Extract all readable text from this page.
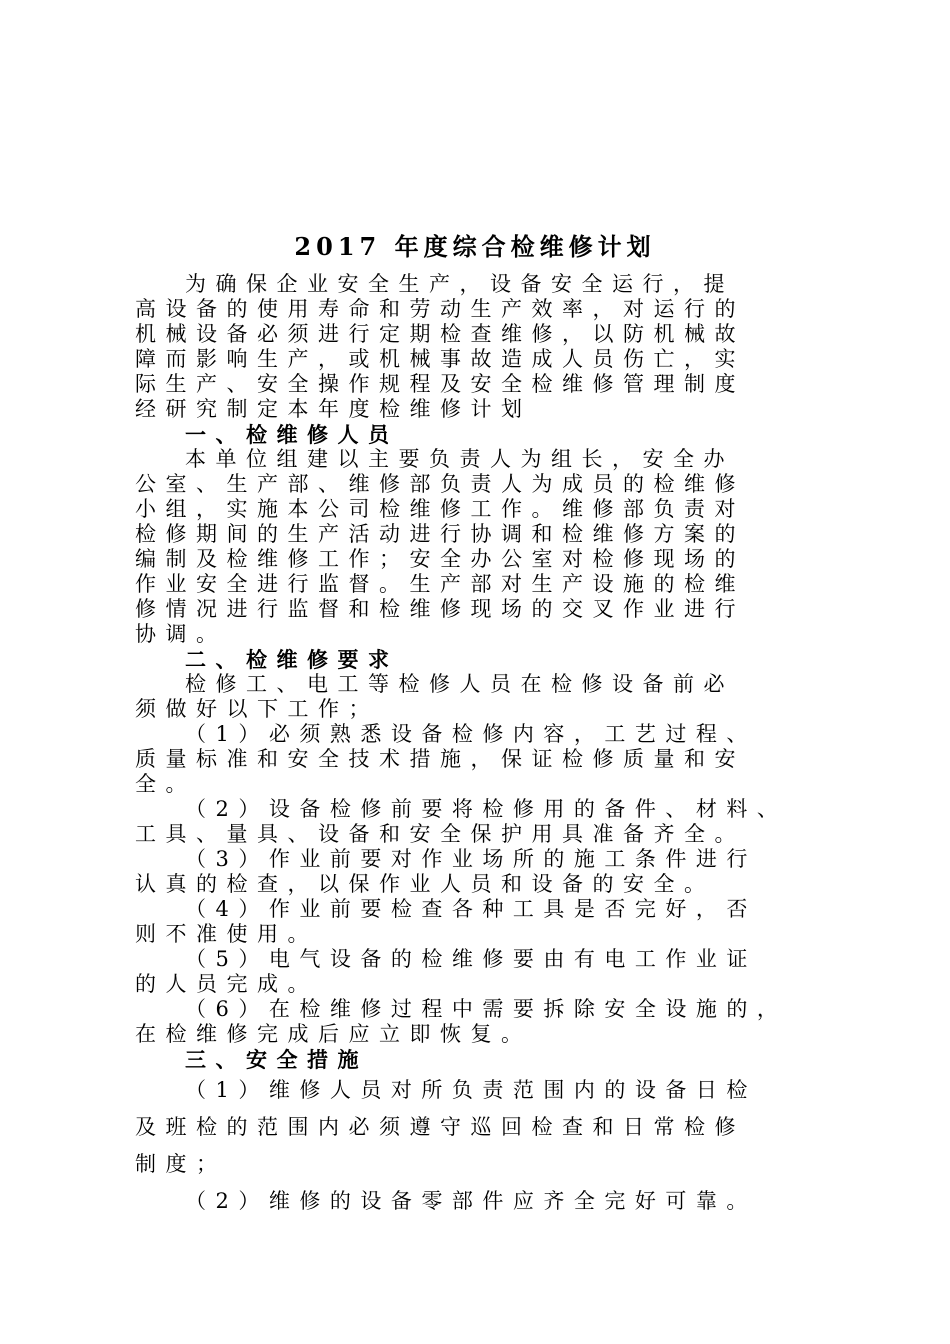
2017 年度综合检维修计划

为确保企业安全生产，设备安全运行，提

高设备的使用寿命和劳动生产效率，对运行的

机械设备必须进行定期检查维修，以防机械故

障而影响生产，或机械事故造成人员伤亡，实

际生产、安全操作规程及安全检维修管理制度

经研究制定本年度检维修计划

一、检维修人员

本单位组建以主要负责人为组长，安全办

公室、生产部、维修部负责人为成员的检维修

小组，实施本公司检维修工作。维修部负责对

检修期间的生产活动进行协调和检维修方案的

编制及检维修工作；安全办公室对检修现场的

作业安全进行监督。生产部对生产设施的检维

修情况进行监督和检维修现场的交叉作业进行

协调。

二、检维修要求

检修工、电工等检修人员在检修设备前必

须做好以下工作；

（1）必须熟悉设备检修内容，工艺过程、

质量标准和安全技术措施，保证检修质量和安

全。

（2）设备检修前要将检修用的备件、材料、

工具、量具、设备和安全保护用具准备齐全。

（3）作业前要对作业场所的施工条件进行

认真的检查，以保作业人员和设备的安全。

（4）作业前要检查各种工具是否完好，否

则不准使用。

（5）电气设备的检维修要由有电工作业证

的人员完成。

（6）在检维修过程中需要拆除安全设施的，

在检维修完成后应立即恢复。

三、安全措施

（1）维修人员对所负责范围内的设备日检

及班检的范围内必须遵守巡回检查和日常检修

制度；

（2）维修的设备零部件应齐全完好可靠。
